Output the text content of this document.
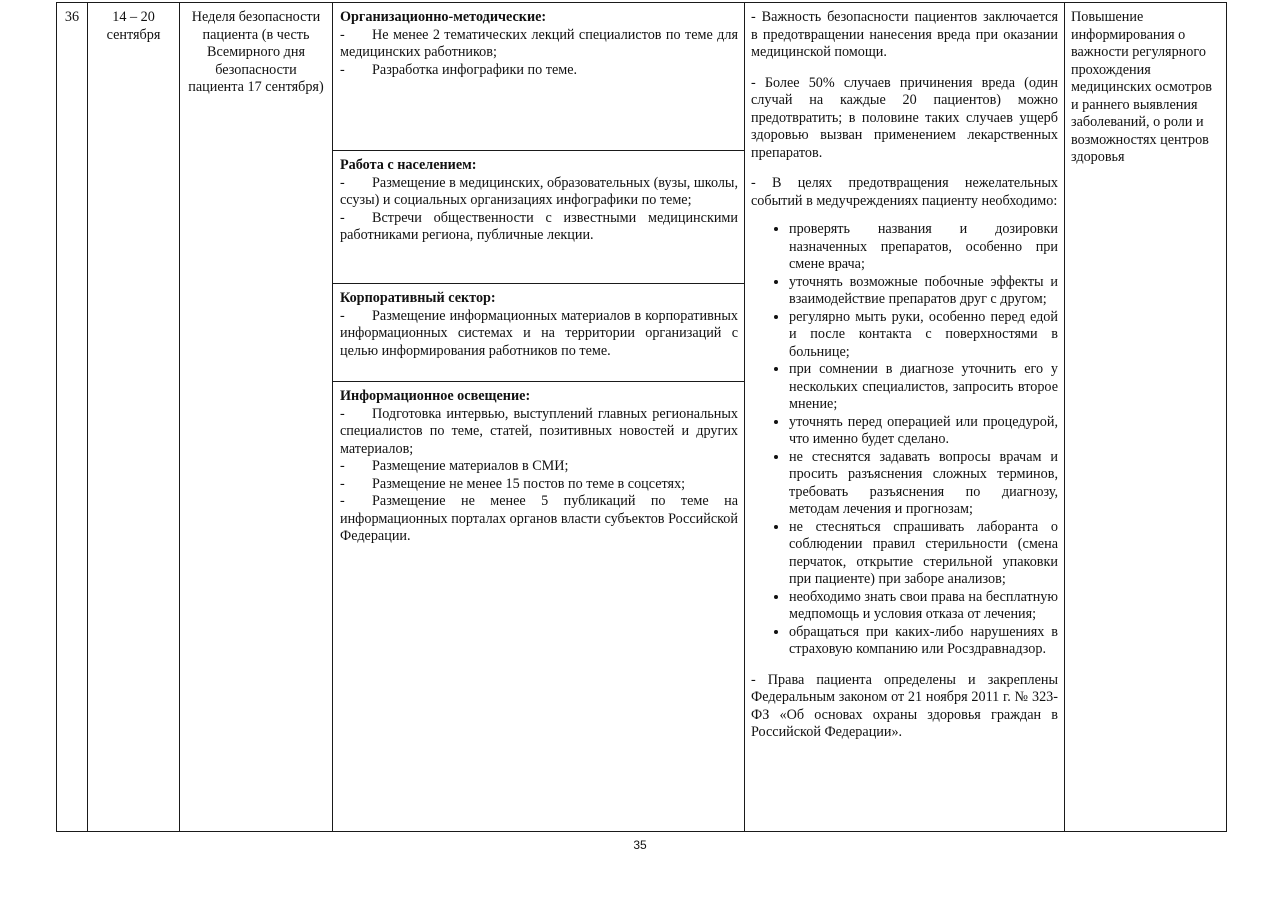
36	14 – 20 сентября

Неделя безопасности пациента (в честь Всемирного дня безопасности пациента 17 сентября)

Организационно-методические:
- Не менее 2 тематических лекций специалистов по теме для медицинских работников;
- Разработка инфографики по теме.
Работа с населением:
- Размещение в медицинских, образовательных (вузы, школы, ссузы) и социальных организациях инфографики по теме;
- Встречи общественности с известными медицинскими работниками региона, публичные лекции.
Корпоративный сектор:
- Размещение информационных материалов в корпоративных информационных системах и на территории организаций с целью информирования работников по теме.
Информационное освещение:
- Подготовка интервью, выступлений главных региональных специалистов по теме, статей, позитивных новостей и других материалов;
- Размещение материалов в СМИ;
- Размещение не менее 15 постов по теме в соцсетях;
- Размещение не менее 5 публикаций по теме на информационных порталах органов власти субъектов Российской Федерации.

- Важность безопасности пациентов заключается в предотвращении нанесения вреда при оказании медицинской помощи.

- Более 50% случаев причинения вреда (один случай на каждые 20 пациентов) можно предотвратить; в половине таких случаев ущерб здоровью вызван применением лекарственных препаратов.

- В целях предотвращения нежелательных событий в медучреждениях пациенту необходимо:

• проверять названия и дозировки назначенных препаратов, особенно при смене врача;
• уточнять возможные побочные эффекты и взаимодействие препаратов друг с другом;
• регулярно мыть руки, особенно перед едой и после контакта с поверхностями в больнице;
• при сомнении в диагнозе уточнить его у нескольких специалистов, запросить второе мнение;
• уточнять перед операцией или процедурой, что именно будет сделано.
• не стеснятся задавать вопросы врачам и просить разъяснения сложных терминов, требовать разъяснения по диагнозу, методам лечения и прогнозам;
• не стесняться спрашивать лаборанта о соблюдении правил стерильности (смена перчаток, открытие стерильной упаковки при пациенте) при заборе анализов;
• необходимо знать свои права на бесплатную медпомощь и условия отказа от лечения;
• обращаться при каких-либо нарушениях в страховую компанию или Росздравнадзор.

- Права пациента определены и закреплены Федеральным законом от 21 ноября 2011 г. № 323-ФЗ «Об основах охраны здоровья граждан в Российской Федерации».

Повышение информирования о важности регулярного прохождения медицинских осмотров и раннего выявления заболеваний, о роли и возможностях центров здоровья
35
